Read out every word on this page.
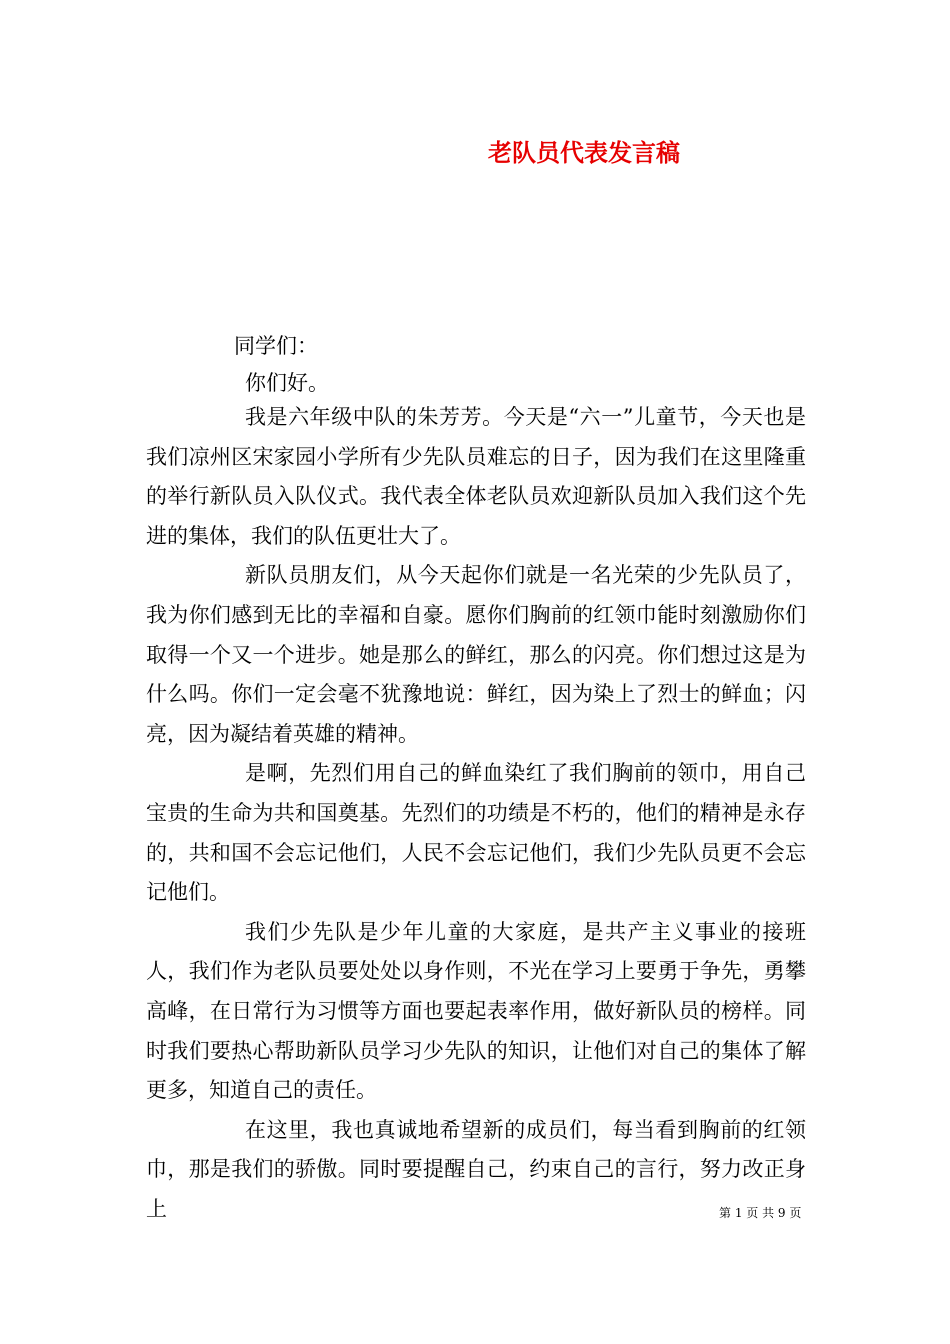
老队员代表发言稿
同学们：
你们好。

我是六年级中队的朱芳芳。今天是“六一”儿童节，今天也是我们凉州区宋家园小学所有少先队员难忘的日子，因为我们在这里隆重的举行新队员入队仪式。我代表全体老队员欢迎新队员加入我们这个先进的集体，我们的队伍更壮大了。

新队员朋友们，从今天起你们就是一名光荣的少先队员了，我为你们感到无比的幸福和自豪。愿你们胸前的红领巾能时刻激励你们取得一个又一个进步。她是那么的鲜红，那么的闪亮。你们想过这是为什么吗。你们一定会毫不犹豫地说：鲜红，因为染上了烈士的鲜血；闪亮，因为凝结着英雄的精神。

是啊，先烈们用自己的鲜血染红了我们胸前的领巾，用自己宝贵的生命为共和国奠基。先烈们的功绩是不朽的，他们的精神是永存的，共和国不会忘记他们，人民不会忘记他们，我们少先队员更不会忘记他们。

我们少先队是少年儿童的大家庭，是共产主义事业的接班人，我们作为老队员要处处以身作则，不光在学习上要勇于争先，勇攀高峰，在日常行为习惯等方面也要起表率作用，做好新队员的榜样。同时我们要热心帮助新队员学习少先队的知识，让他们对自己的集体了解更多，知道自己的责任。

在这里，我也真诚地希望新的成员们，每当看到胸前的红领巾，那是我们的骄傲。同时要提醒自己，约束自己的言行，努力改正身上	第 1 页 共 9 页
